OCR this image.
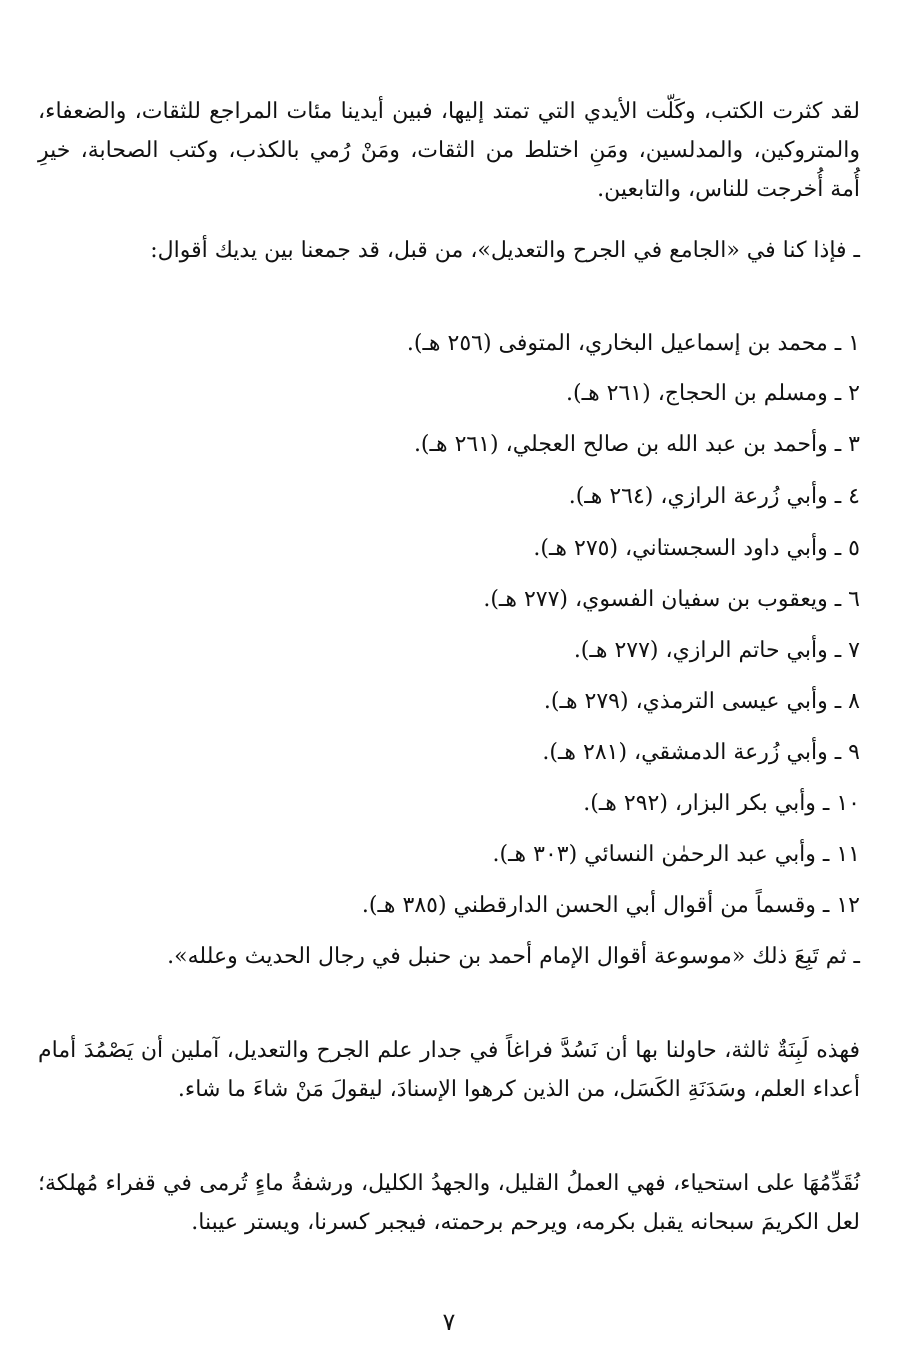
لقد كثرت الكتب، وكَلّت الأيدي التي تمتد إليها، فبين أيدينا مئات المراجع للثقات، والضعفاء، والمتروكين، والمدلسين، ومَنِ اختلط من الثقات، ومَنْ رُمي بالكذب، وكتب الصحابة، خيرِ أُمة أُخرجت للناس، والتابعين.

ـ فإذا كنا في «الجامع في الجرح والتعديل»، من قبل، قد جمعنا بين يديك أقوال:

١ ـ محمد بن إسماعيل البخاري، المتوفى (٢٥٦ هـ).

٢ ـ ومسلم بن الحجاج، (٢٦١ هـ).

٣ ـ وأحمد بن عبد الله بن صالح العجلي، (٢٦١ هـ).

٤ ـ وأبي زُرعة الرازي، (٢٦٤ هـ).

٥ ـ وأبي داود السجستاني، (٢٧٥ هـ).

٦ ـ ويعقوب بن سفيان الفسوي، (٢٧٧ هـ).

٧ ـ وأبي حاتم الرازي، (٢٧٧ هـ).

٨ ـ وأبي عيسى الترمذي، (٢٧٩ هـ).

٩ ـ وأبي زُرعة الدمشقي، (٢٨١ هـ).

١٠ ـ وأبي بكر البزار، (٢٩٢ هـ).

١١ ـ وأبي عبد الرحمٰن النسائي (٣٠٣ هـ).

١٢ ـ وقسماً من أقوال أبي الحسن الدارقطني (٣٨٥ هـ).

ـ ثم تَبِعَ ذلك «موسوعة أقوال الإمام أحمد بن حنبل في رجال الحديث وعلله».

فهذه لَبِنَةٌ ثالثة، حاولنا بها أن نَسُدَّ فراغاً في جدار علم الجرح والتعديل، آملين أن يَصْمُدَ أمام أعداء العلم، وسَدَنَةِ الكَسَل، من الذين كرهوا الإسنادَ، ليقولَ مَنْ شاءَ ما شاء.

نُقَدِّمُهَا على استحياء، فهي العملُ القليل، والجهدُ الكليل، ورشفةُ ماءٍ تُرمى في قفراء مُهلكة؛ لعل الكريمَ سبحانه يقبل بكرمه، ويرحم برحمته، فيجبر كسرنا، ويستر عيبنا.

٧
